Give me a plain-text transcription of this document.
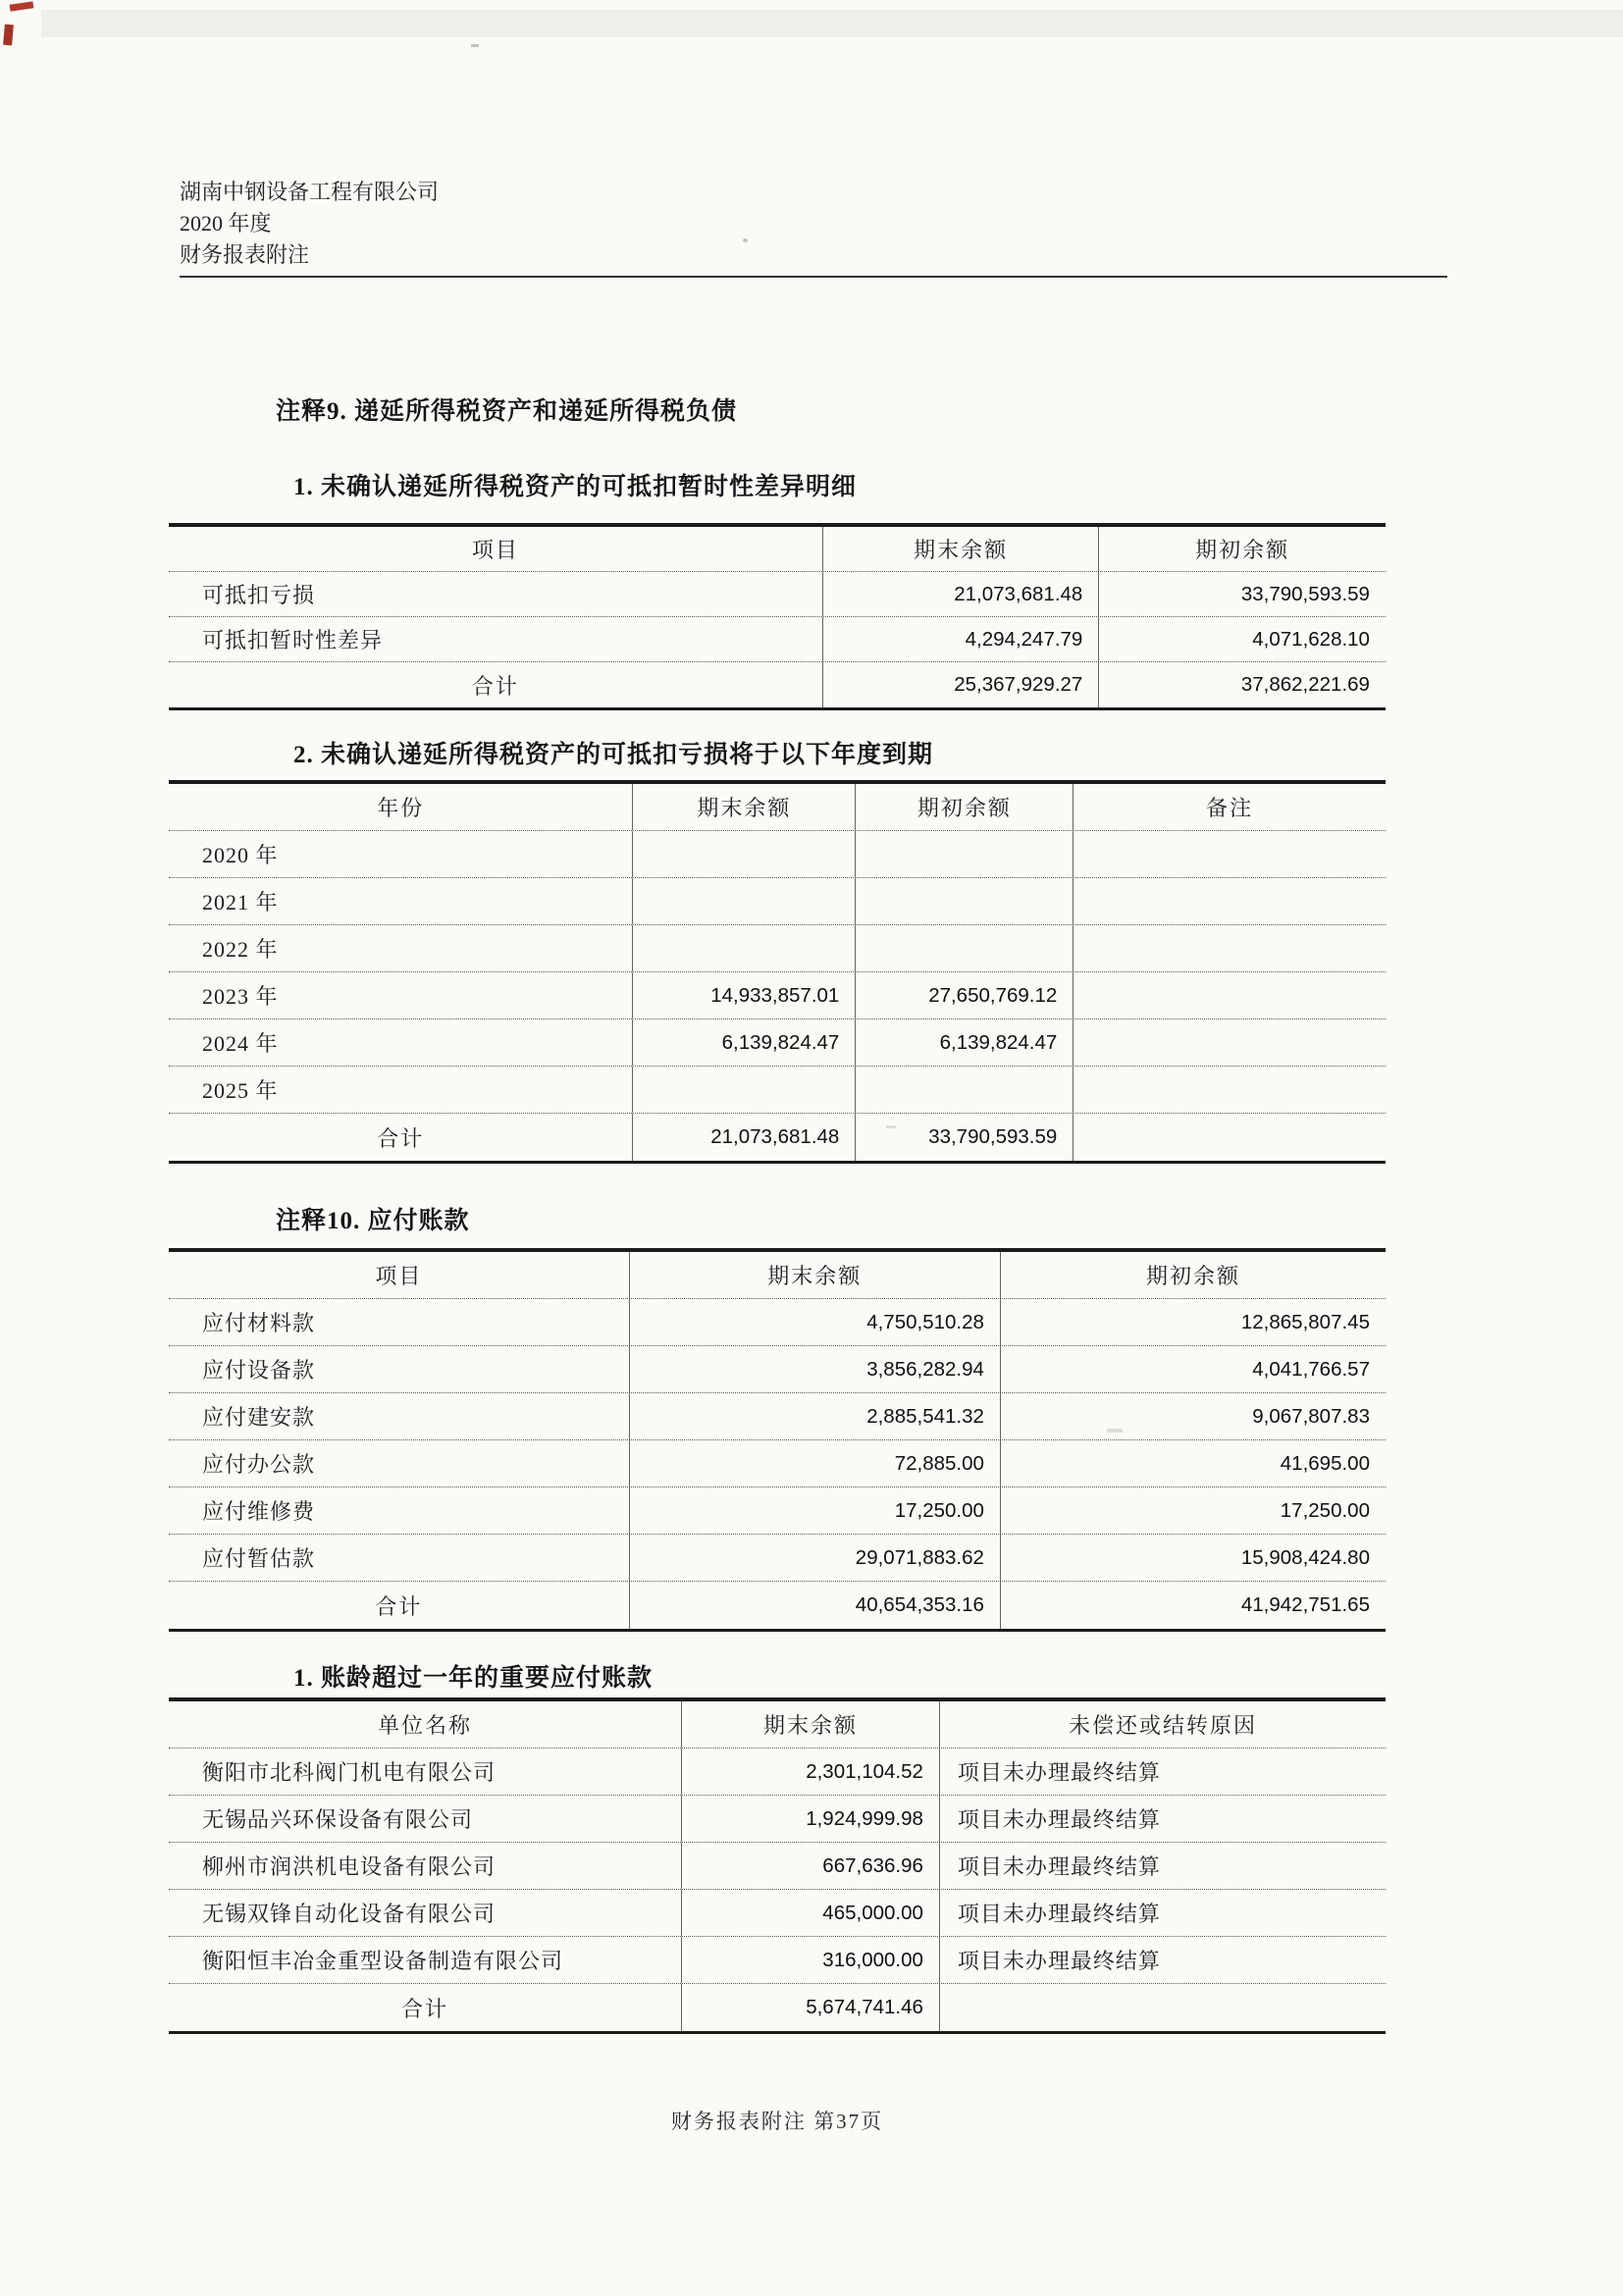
湖南中钢设备工程有限公司
2020 年度
财务报表附注
注释9. 递延所得税资产和递延所得税负债
1. 未确认递延所得税资产的可抵扣暂时性差异明细
项目	期末余额	期初余额
可抵扣亏损	21,073,681.48	33,790,593.59
可抵扣暂时性差异	4,294,247.79	4,071,628.10
合计	25,367,929.27	37,862,221.69
2. 未确认递延所得税资产的可抵扣亏损将于以下年度到期
年份	期末余额	期初余额	备注
2020 年
2021 年
2022 年
2023 年	14,933,857.01	27,650,769.12
2024 年	6,139,824.47	6,139,824.47
2025 年
合计	21,073,681.48	33,790,593.59
注释10. 应付账款
项目	期末余额	期初余额
应付材料款	4,750,510.28	12,865,807.45
应付设备款	3,856,282.94	4,041,766.57
应付建安款	2,885,541.32	9,067,807.83
应付办公款	72,885.00	41,695.00
应付维修费	17,250.00	17,250.00
应付暂估款	29,071,883.62	15,908,424.80
合计	40,654,353.16	41,942,751.65
1. 账龄超过一年的重要应付账款
单位名称	期末余额	未偿还或结转原因
衡阳市北科阀门机电有限公司	2,301,104.52	项目未办理最终结算
无锡品兴环保设备有限公司	1,924,999.98	项目未办理最终结算
柳州市润洪机电设备有限公司	667,636.96	项目未办理最终结算
无锡双锋自动化设备有限公司	465,000.00	项目未办理最终结算
衡阳恒丰冶金重型设备制造有限公司	316,000.00	项目未办理最终结算
合计	5,674,741.46
财务报表附注 第37页
